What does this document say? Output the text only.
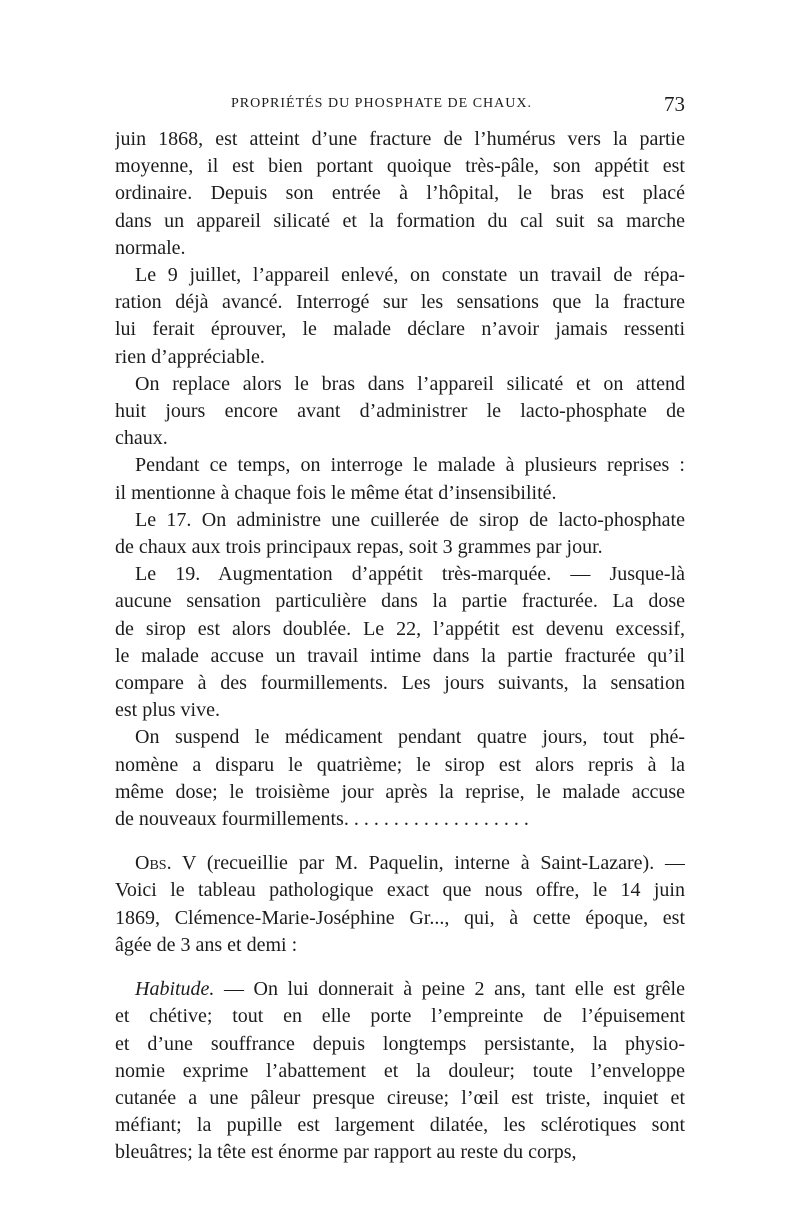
PROPRIÉTÉS DU PHOSPHATE DE CHAUX.	73

juin 1868, est atteint d’une fracture de l’humérus vers la partie
moyenne, il est bien portant quoique très-pâle, son appétit est
ordinaire. Depuis son entrée à l’hôpital, le bras est placé
dans un appareil silicaté et la formation du cal suit sa marche
normale.

Le 9 juillet, l’appareil enlevé, on constate un travail de répa-
ration déjà avancé. Interrogé sur les sensations que la fracture
lui ferait éprouver, le malade déclare n’avoir jamais ressenti
rien d’appréciable.

On replace alors le bras dans l’appareil silicaté et on attend
huit jours encore avant d’administrer le lacto-phosphate de
chaux.

Pendant ce temps, on interroge le malade à plusieurs reprises :
il mentionne à chaque fois le même état d’insensibilité.

Le 17. On administre une cuillerée de sirop de lacto-phosphate
de chaux aux trois principaux repas, soit 3 grammes par jour.

Le 19. Augmentation d’appétit très-marquée. — Jusque-là
aucune sensation particulière dans la partie fracturée. La dose
de sirop est alors doublée. Le 22, l’appétit est devenu excessif,
le malade accuse un travail intime dans la partie fracturée qu’il
compare à des fourmillements. Les jours suivants, la sensation
est plus vive.

On suspend le médicament pendant quatre jours, tout phé-
nomène a disparu le quatrième; le sirop est alors repris à la
même dose; le troisième jour après la reprise, le malade accuse
de nouveaux fourmillements. . . . . . . . . . . . . . . . . . .

Obs. V (recueillie par M. Paquelin, interne à Saint-Lazare). —
Voici le tableau pathologique exact que nous offre, le 14 juin
1869, Clémence-Marie-Joséphine Gr..., qui, à cette époque, est
âgée de 3 ans et demi :

Habitude. — On lui donnerait à peine 2 ans, tant elle est grêle
et chétive; tout en elle porte l’empreinte de l’épuisement
et d’une souffrance depuis longtemps persistante, la physio-
nomie exprime l’abattement et la douleur; toute l’enveloppe
cutanée a une pâleur presque cireuse; l’œil est triste, inquiet et
méfiant; la pupille est largement dilatée, les sclérotiques sont
bleuâtres; la tête est énorme par rapport au reste du corps,
